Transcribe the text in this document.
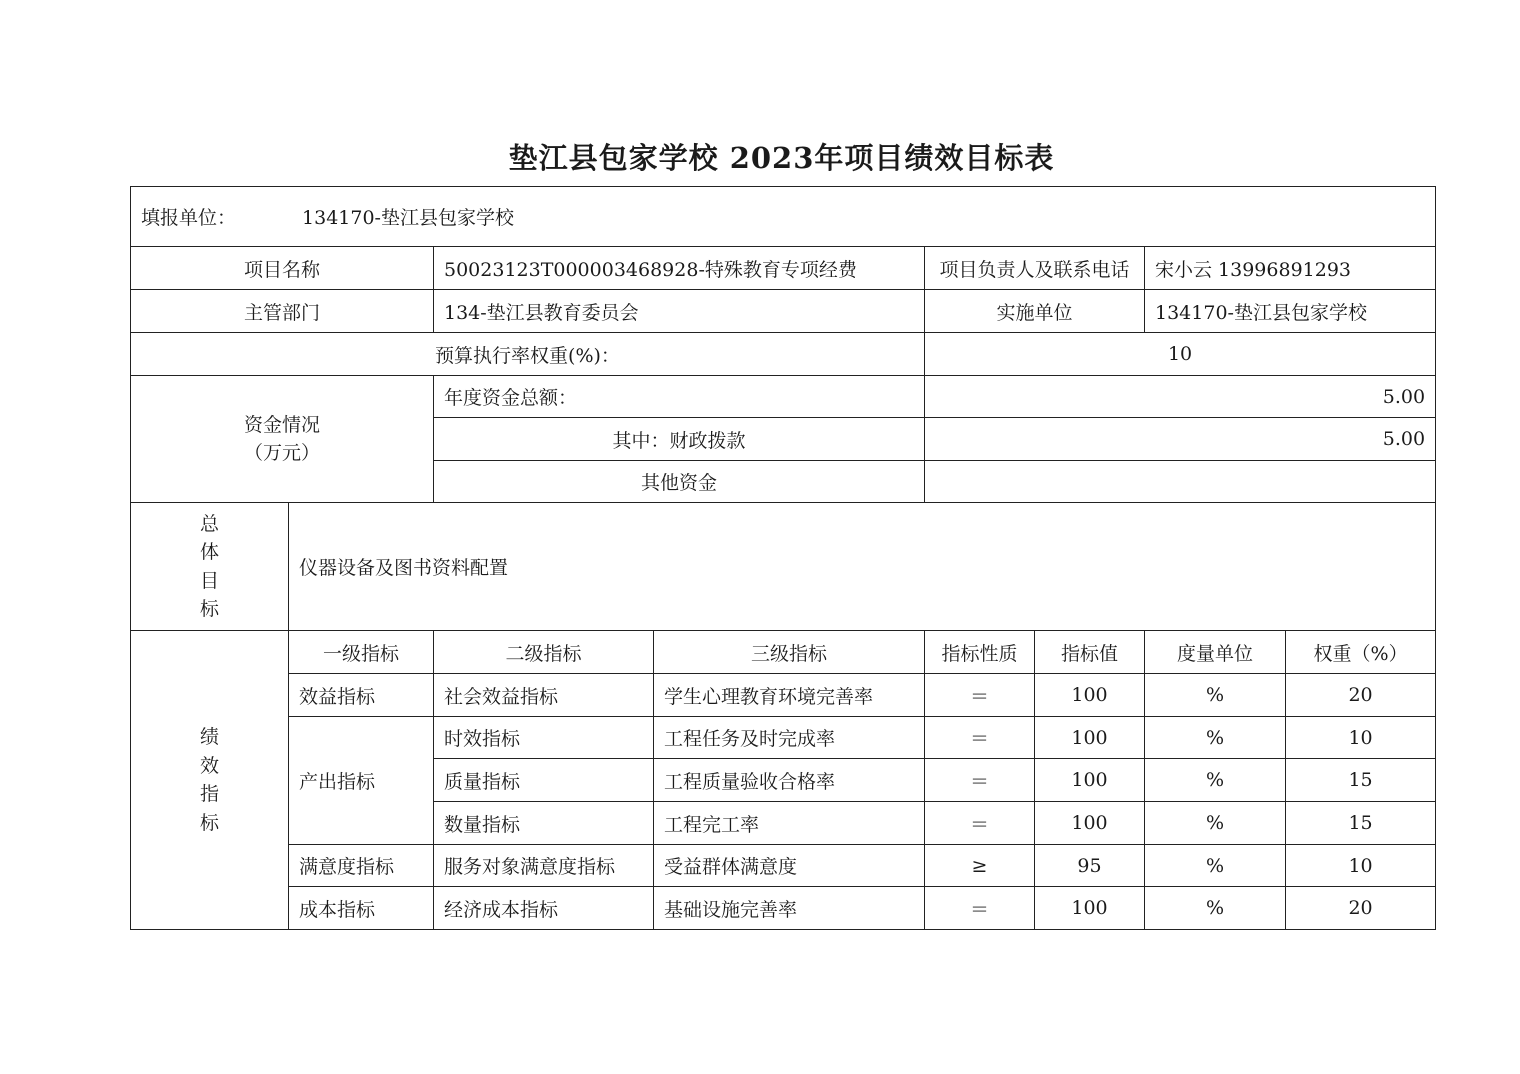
垫江县包家学校 2023年项目绩效目标表
填报单位： 134170-垫江县包家学校							
项目名称		50023123T000003468928-特殊教育专项经费		项目负责人及联系电话		宋小云 13996891293	
主管部门		134-垫江县教育委员会		实施单位		134170-垫江县包家学校	
预算执行率权重(%)：				10			

资金情况
（万元）		年度资金总额：		5.00			
		其中：财政拨款		5.00			
		其他资金					

总
体
目
标	仪器设备及图书资料配置						

绩
效
指
标	一级指标	二级指标	三级指标	指标性质	指标值	度量单位	权重（%）
	效益指标	社会效益指标	学生心理教育环境完善率	＝	100	%	20
	产出指标	时效指标	工程任务及时完成率	＝	100	%	10
		质量指标	工程质量验收合格率	＝	100	%	15
		数量指标	工程完工率	＝	100	%	15
	满意度指标	服务对象满意度指标	受益群体满意度	≥	95	%	10
	成本指标	经济成本指标	基础设施完善率	＝	100	%	20
